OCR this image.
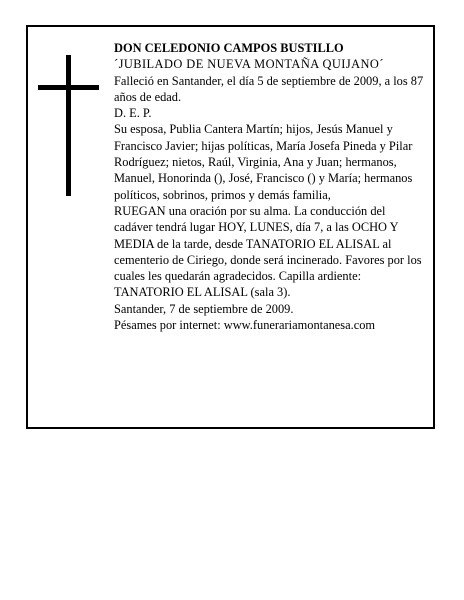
DON CELEDONIO CAMPOS BUSTILLO

´JUBILADO DE NUEVA MONTAÑA QUIJANO´

Falleció en Santander, el día 5 de septiembre de 2009, a los 87 años de edad.

D. E. P.

Su esposa, Publia Cantera Martín; hijos, Jesús Manuel y Francisco Javier; hijas políticas, María Josefa Pineda y Pilar Rodríguez; nietos, Raúl, Virginia, Ana y Juan; hermanos, Manuel, Honorinda (), José, Francisco () y María; hermanos políticos, sobrinos, primos y demás familia,

RUEGAN una oración por su alma. La conducción del cadáver tendrá lugar HOY, LUNES, día 7, a las OCHO Y MEDIA de la tarde, desde TANATORIO EL ALISAL al cementerio de Ciriego, donde será incinerado. Favores por los cuales les quedarán agradecidos. Capilla ardiente: TANATORIO EL ALISAL (sala 3).

Santander, 7 de septiembre de 2009.

Pésames por internet: www.funerariamontanesa.com
